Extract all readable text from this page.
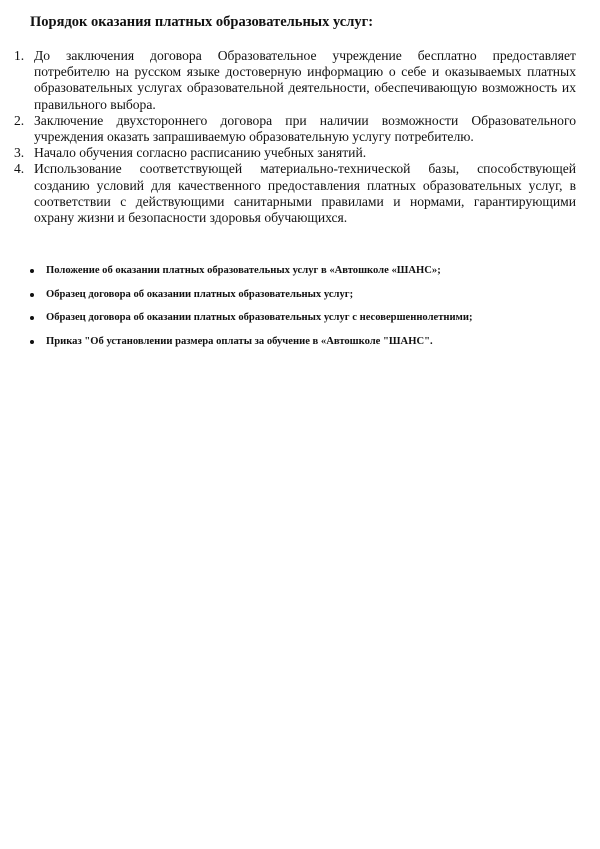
Порядок оказания платных образовательных услуг:
1. До заключения договора Образовательное учреждение бесплатно предоставляет потребителю на русском языке достоверную информацию о себе и оказываемых платных образовательных услугах образовательной деятельности, обеспечивающую возможность их правильного выбора.
2. Заключение двухстороннего договора при наличии возможности Образовательного учреждения оказать запрашиваемую образовательную услугу потребителю.
3. Начало обучения согласно расписанию учебных занятий.
4. Использование соответствующей материально-технической базы, способствующей созданию условий для качественного предоставления платных образовательных услуг, в соответствии с действующими санитарными правилами и нормами, гарантирующими охрану жизни и безопасности здоровья обучающихся.
Положение об оказании платных образовательных услуг в «Автошколе «ШАНС»;
Образец договора об оказании платных образовательных услуг;
Образец договора об оказании платных образовательных услуг с несовершеннолетними;
Приказ "Об установлении размера оплаты за обучение в «Автошколе "ШАНС".
